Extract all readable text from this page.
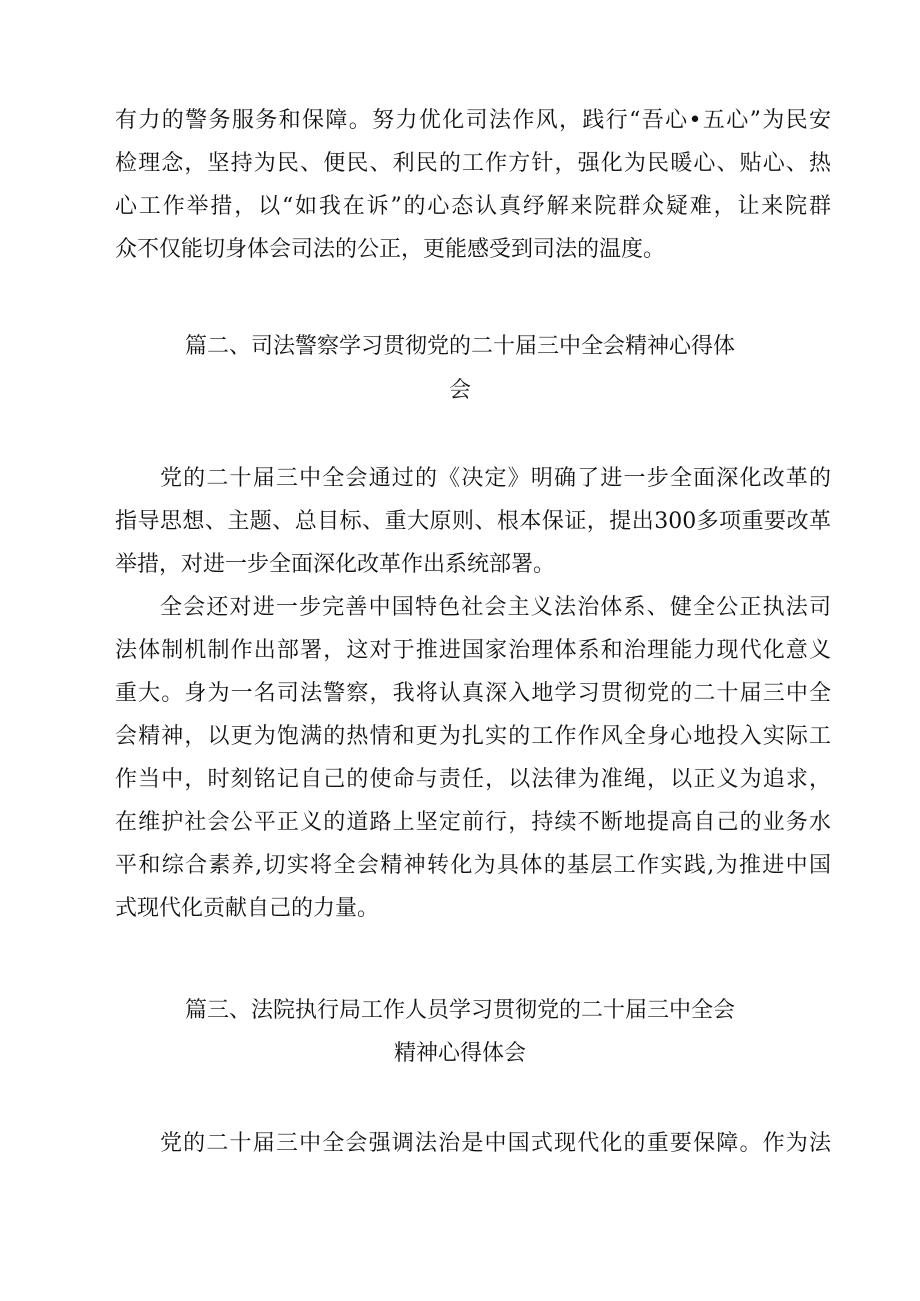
有力的警务服务和保障。努力优化司法作风，践行“吾心•五心”为民安
检理念，坚持为民、便民、利民的工作方针，强化为民暖心、贴心、热
心工作举措，以“如我在诉”的心态认真纾解来院群众疑难，让来院群
众不仅能切身体会司法的公正，更能感受到司法的温度。
篇二、司法警察学习贯彻党的二十届三中全会精神心得体
会
党的二十届三中全会通过的《决定》明确了进一步全面深化改革的
指导思想、主题、总目标、重大原则、根本保证，提出300多项重要改革
举措，对进一步全面深化改革作出系统部署。
全会还对进一步完善中国特色社会主义法治体系、健全公正执法司
法体制机制作出部署，这对于推进国家治理体系和治理能力现代化意义
重大。身为一名司法警察，我将认真深入地学习贯彻党的二十届三中全
会精神，以更为饱满的热情和更为扎实的工作作风全身心地投入实际工
作当中，时刻铭记自己的使命与责任，以法律为准绳，以正义为追求，
在维护社会公平正义的道路上坚定前行，持续不断地提高自己的业务水
平和综合素养,切实将全会精神转化为具体的基层工作实践,为推进中国
式现代化贡献自己的力量。
篇三、法院执行局工作人员学习贯彻党的二十届三中全会
精神心得体会
党的二十届三中全会强调法治是中国式现代化的重要保障。作为法
